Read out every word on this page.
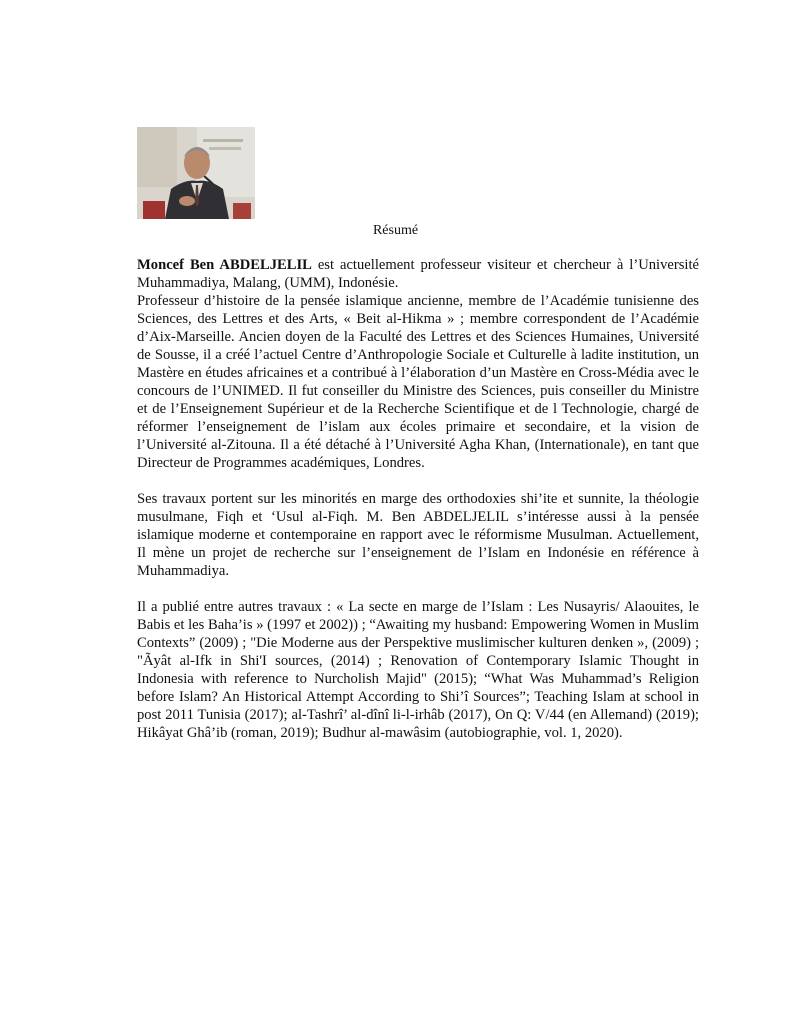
Résumé

Moncef Ben ABDELJELIL est actuellement professeur visiteur et chercheur à l’Université Muhammadiya, Malang, (UMM), Indonésie.

Professeur d’histoire de la pensée islamique ancienne, membre de l’Académie tunisienne des Sciences, des Lettres et des Arts, « Beit al-Hikma » ; membre correspondent de l’Académie d’Aix-Marseille. Ancien doyen de la Faculté des Lettres et des Sciences Humaines, Université de Sousse, il a créé l’actuel Centre d’Anthropologie Sociale et Culturelle à ladite institution, un Mastère en études africaines et a contribué à l’élaboration d’un Mastère en Cross-Média avec le concours de l’UNIMED. Il fut conseiller du Ministre des Sciences, puis conseiller du Ministre et de l’Enseignement Supérieur et de la Recherche Scientifique et de l Technologie, chargé de réformer l’enseignement de l’islam aux écoles primaire et secondaire, et la vision de l’Université al-Zitouna. Il a été détaché à l’Université Agha Khan, (Internationale), en tant que Directeur de Programmes académiques, Londres.

Ses travaux portent sur les minorités en marge des orthodoxies shi’ite et sunnite, la théologie musulmane, Fiqh et ‘Usul al-Fiqh. M. Ben ABDELJELIL s’intéresse aussi à la pensée islamique moderne et contemporaine en rapport avec le réformisme Musulman. Actuellement, Il mène un projet de recherche sur l’enseignement de l’Islam en Indonésie en référence à Muhammadiya.

Il a publié entre autres travaux : « La secte en marge de l’Islam : Les Nusayris/ Alaouites, le Babis et les Baha’is » (1997 et 2002)) ; “Awaiting my husband: Empowering Women in Muslim Contexts” (2009) ; "Die Moderne aus der Perspektive muslimischer kulturen denken », (2009) ; "Ãyât al-Ifk in Shi'I sources, (2014) ; Renovation of Contemporary Islamic Thought in Indonesia with reference to Nurcholish Majid" (2015); “What Was Muhammad’s Religion before Islam? An Historical Attempt According to Shi’î Sources”; Teaching Islam at school in post 2011 Tunisia (2017); al-Tashrî’ al-dînî li-l-irhâb (2017), On Q: V/44 (en Allemand) (2019); Hikâyat Ghâ’ib (roman, 2019); Budhur al-mawâsim (autobiographie, vol. 1, 2020).
